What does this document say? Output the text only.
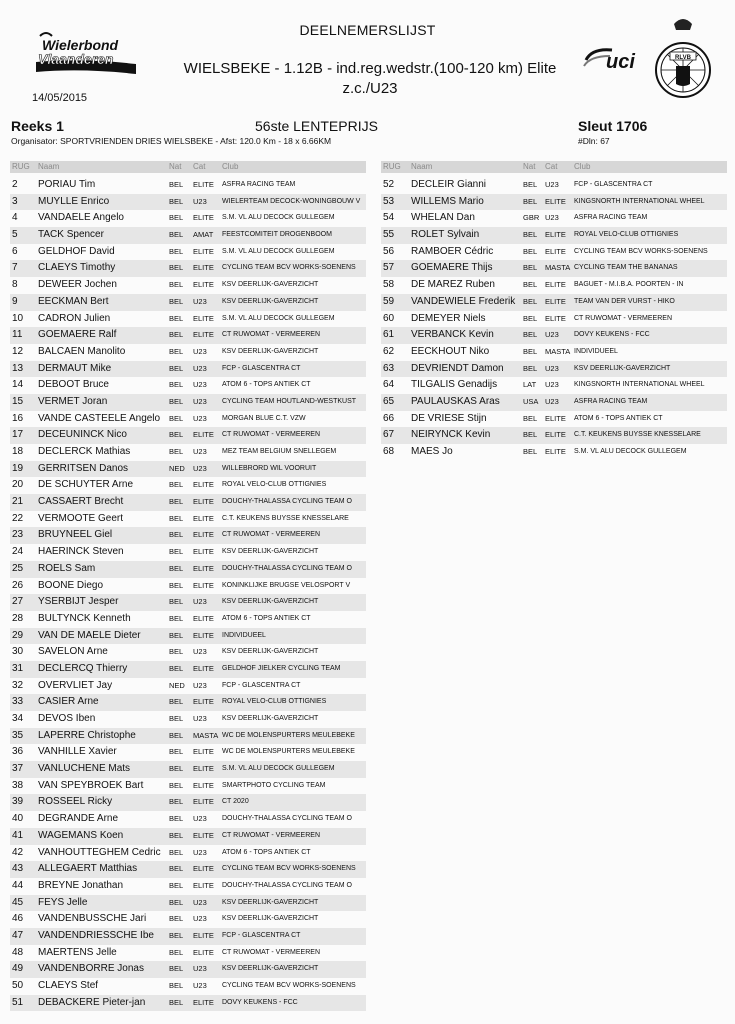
DEELNEMERSLIJST
WIELSBEKE - 1.12B - ind.reg.wedstr.(100-120 km) Elite
z.c./U23
14/05/2015
Wielerbond
Vlaanderen	uci	RLVB
Reeks 1
Organisator: SPORTVRIENDEN DRIES WIELSBEKE - Afst: 120.0 Km - 18 x 6.66KM
56ste LENTEPRIJS	Sleut 1706
#Dln: 67
RUG Naam	Nat Cat Club	RUG Naam	Nat Cat Club
2 PORIAU Tim	BEL ELITE ASFRA RACING TEAM
3 MUYLLE Enrico	BEL U23 WIELERTEAM DECOCK-WONINGBOUW V
4 VANDAELE Angelo	BEL ELITE S.M. VL ALU DECOCK GULLEGEM
5 TACK Spencer	BEL AMAT FEESTCOMITEIT DROGENBOOM
6 GELDHOF David	BEL ELITE S.M. VL ALU DECOCK GULLEGEM
7 CLAEYS Timothy	BEL ELITE CYCLING TEAM BCV WORKS-SOENENS
8 DEWEER Jochen	BEL ELITE KSV DEERLIJK-GAVERZICHT
9 EECKMAN Bert	BEL U23 KSV DEERLIJK-GAVERZICHT
10 CADRON Julien	BEL ELITE S.M. VL ALU DECOCK GULLEGEM
11 GOEMAERE Ralf	BEL ELITE CT RUWOMAT - VERMEEREN
12 BALCAEN Manolito	BEL U23 KSV DEERLIJK-GAVERZICHT
13 DERMAUT Mike	BEL U23 FCP - GLASCENTRA CT
14 DEBOOT Bruce	BEL U23 ATOM 6 - TOPS ANTIEK CT
15 VERMET Joran	BEL U23 CYCLING TEAM HOUTLAND-WESTKUST
16 VANDE CASTEELE Angelo BEL U23 MORGAN BLUE C.T. VZW
17 DECEUNINCK Nico	BEL ELITE CT RUWOMAT - VERMEEREN
18 DECLERCK Mathias	BEL U23 MEZ TEAM BELGIUM SNELLEGEM
19 GERRITSEN Danos	NED U23 WILLEBRORD WIL VOORUIT
20 DE SCHUYTER Arne	BEL ELITE ROYAL VELO-CLUB OTTIGNIES
21 CASSAERT Brecht	BEL ELITE DOUCHY-THALASSA CYCLING TEAM O
22 VERMOOTE Geert	BEL ELITE C.T. KEUKENS BUYSSE KNESSELARE
23 BRUYNEEL Giel	BEL ELITE CT RUWOMAT - VERMEEREN
24 HAERINCK Steven	BEL ELITE KSV DEERLIJK-GAVERZICHT
25 ROELS Sam	BEL ELITE DOUCHY-THALASSA CYCLING TEAM O
26 BOONE Diego	BEL ELITE KONINKLIJKE BRUGSE VELOSPORT V
27 YSERBIJT Jesper	BEL U23 KSV DEERLIJK-GAVERZICHT
28 BULTYNCK Kenneth	BEL ELITE ATOM 6 - TOPS ANTIEK CT
29 VAN DE MAELE Dieter	BEL ELITE INDIVIDUEEL
30 SAVELON Arne	BEL U23 KSV DEERLIJK-GAVERZICHT
31 DECLERCQ Thierry	BEL ELITE GELDHOF JIELKER CYCLING TEAM
32 OVERVLIET Jay	NED U23 FCP - GLASCENTRA CT
33 CASIER Arne	BEL ELITE ROYAL VELO-CLUB OTTIGNIES
34 DEVOS Iben	BEL U23 KSV DEERLIJK-GAVERZICHT
35 LAPERRE Christophe	BEL MASTA WC DE MOLENSPURTERS MEULEBEKE
36 VANHILLE Xavier	BEL ELITE WC DE MOLENSPURTERS MEULEBEKE
37 VANLUCHENE Mats	BEL ELITE S.M. VL ALU DECOCK GULLEGEM
38 VAN SPEYBROEK Bart	BEL ELITE SMARTPHOTO CYCLING TEAM
39 ROSSEEL Ricky	BEL ELITE CT 2020
40 DEGRANDE Arne	BEL U23 DOUCHY-THALASSA CYCLING TEAM O
41 WAGEMANS Koen	BEL ELITE CT RUWOMAT - VERMEEREN
42 VANHOUTTEGHEM Cedric BEL U23 ATOM 6 - TOPS ANTIEK CT
43 ALLEGAERT Matthias	BEL ELITE CYCLING TEAM BCV WORKS-SOENENS
44 BREYNE Jonathan	BEL ELITE DOUCHY-THALASSA CYCLING TEAM O
45 FEYS Jelle	BEL U23 KSV DEERLIJK-GAVERZICHT
46 VANDENBUSSCHE Jari	BEL U23 KSV DEERLIJK-GAVERZICHT
47 VANDENDRIESSCHE Ibe BEL ELITE FCP - GLASCENTRA CT
48 MAERTENS Jelle	BEL ELITE CT RUWOMAT - VERMEEREN
49 VANDENBORRE Jonas	BEL U23 KSV DEERLIJK-GAVERZICHT
50 CLAEYS Stef	BEL U23 CYCLING TEAM BCV WORKS-SOENENS
51 DEBACKERE Pieter-jan	BEL ELITE DOVY KEUKENS - FCC
52 DECLEIR Gianni	BEL U23 FCP - GLASCENTRA CT
53 WILLEMS Mario	BEL ELITE KINGSNORTH INTERNATIONAL WHEEL
54 WHELAN Dan	GBR U23 ASFRA RACING TEAM
55 ROLET Sylvain	BEL ELITE ROYAL VELO-CLUB OTTIGNIES
56 RAMBOER Cédric	BEL ELITE CYCLING TEAM BCV WORKS-SOENENS
57 GOEMAERE Thijs	BEL MASTA CYCLING TEAM THE BANANAS
58 DE MAREZ Ruben	BEL ELITE BAGUET - M.I.B.A. POORTEN - IN
59 VANDEWIELE Frederik BEL ELITE TEAM VAN DER VURST - HIKO
60 DEMEYER Niels	BEL ELITE CT RUWOMAT - VERMEEREN
61 VERBANCK Kevin	BEL U23 DOVY KEUKENS - FCC
62 EECKHOUT Niko	BEL MASTA INDIVIDUEEL
63 DEVRIENDT Damon	BEL U23 KSV DEERLIJK-GAVERZICHT
64 TILGALIS Genadijs	LAT U23 KINGSNORTH INTERNATIONAL WHEEL
65 PAULAUSKAS Aras	USA U23 ASFRA RACING TEAM
66 DE VRIESE Stijn	BEL ELITE ATOM 6 - TOPS ANTIEK CT
67 NEIRYNCK Kevin	BEL ELITE C.T. KEUKENS BUYSSE KNESSELARE
68 MAES Jo	BEL ELITE S.M. VL ALU DECOCK GULLEGEM
